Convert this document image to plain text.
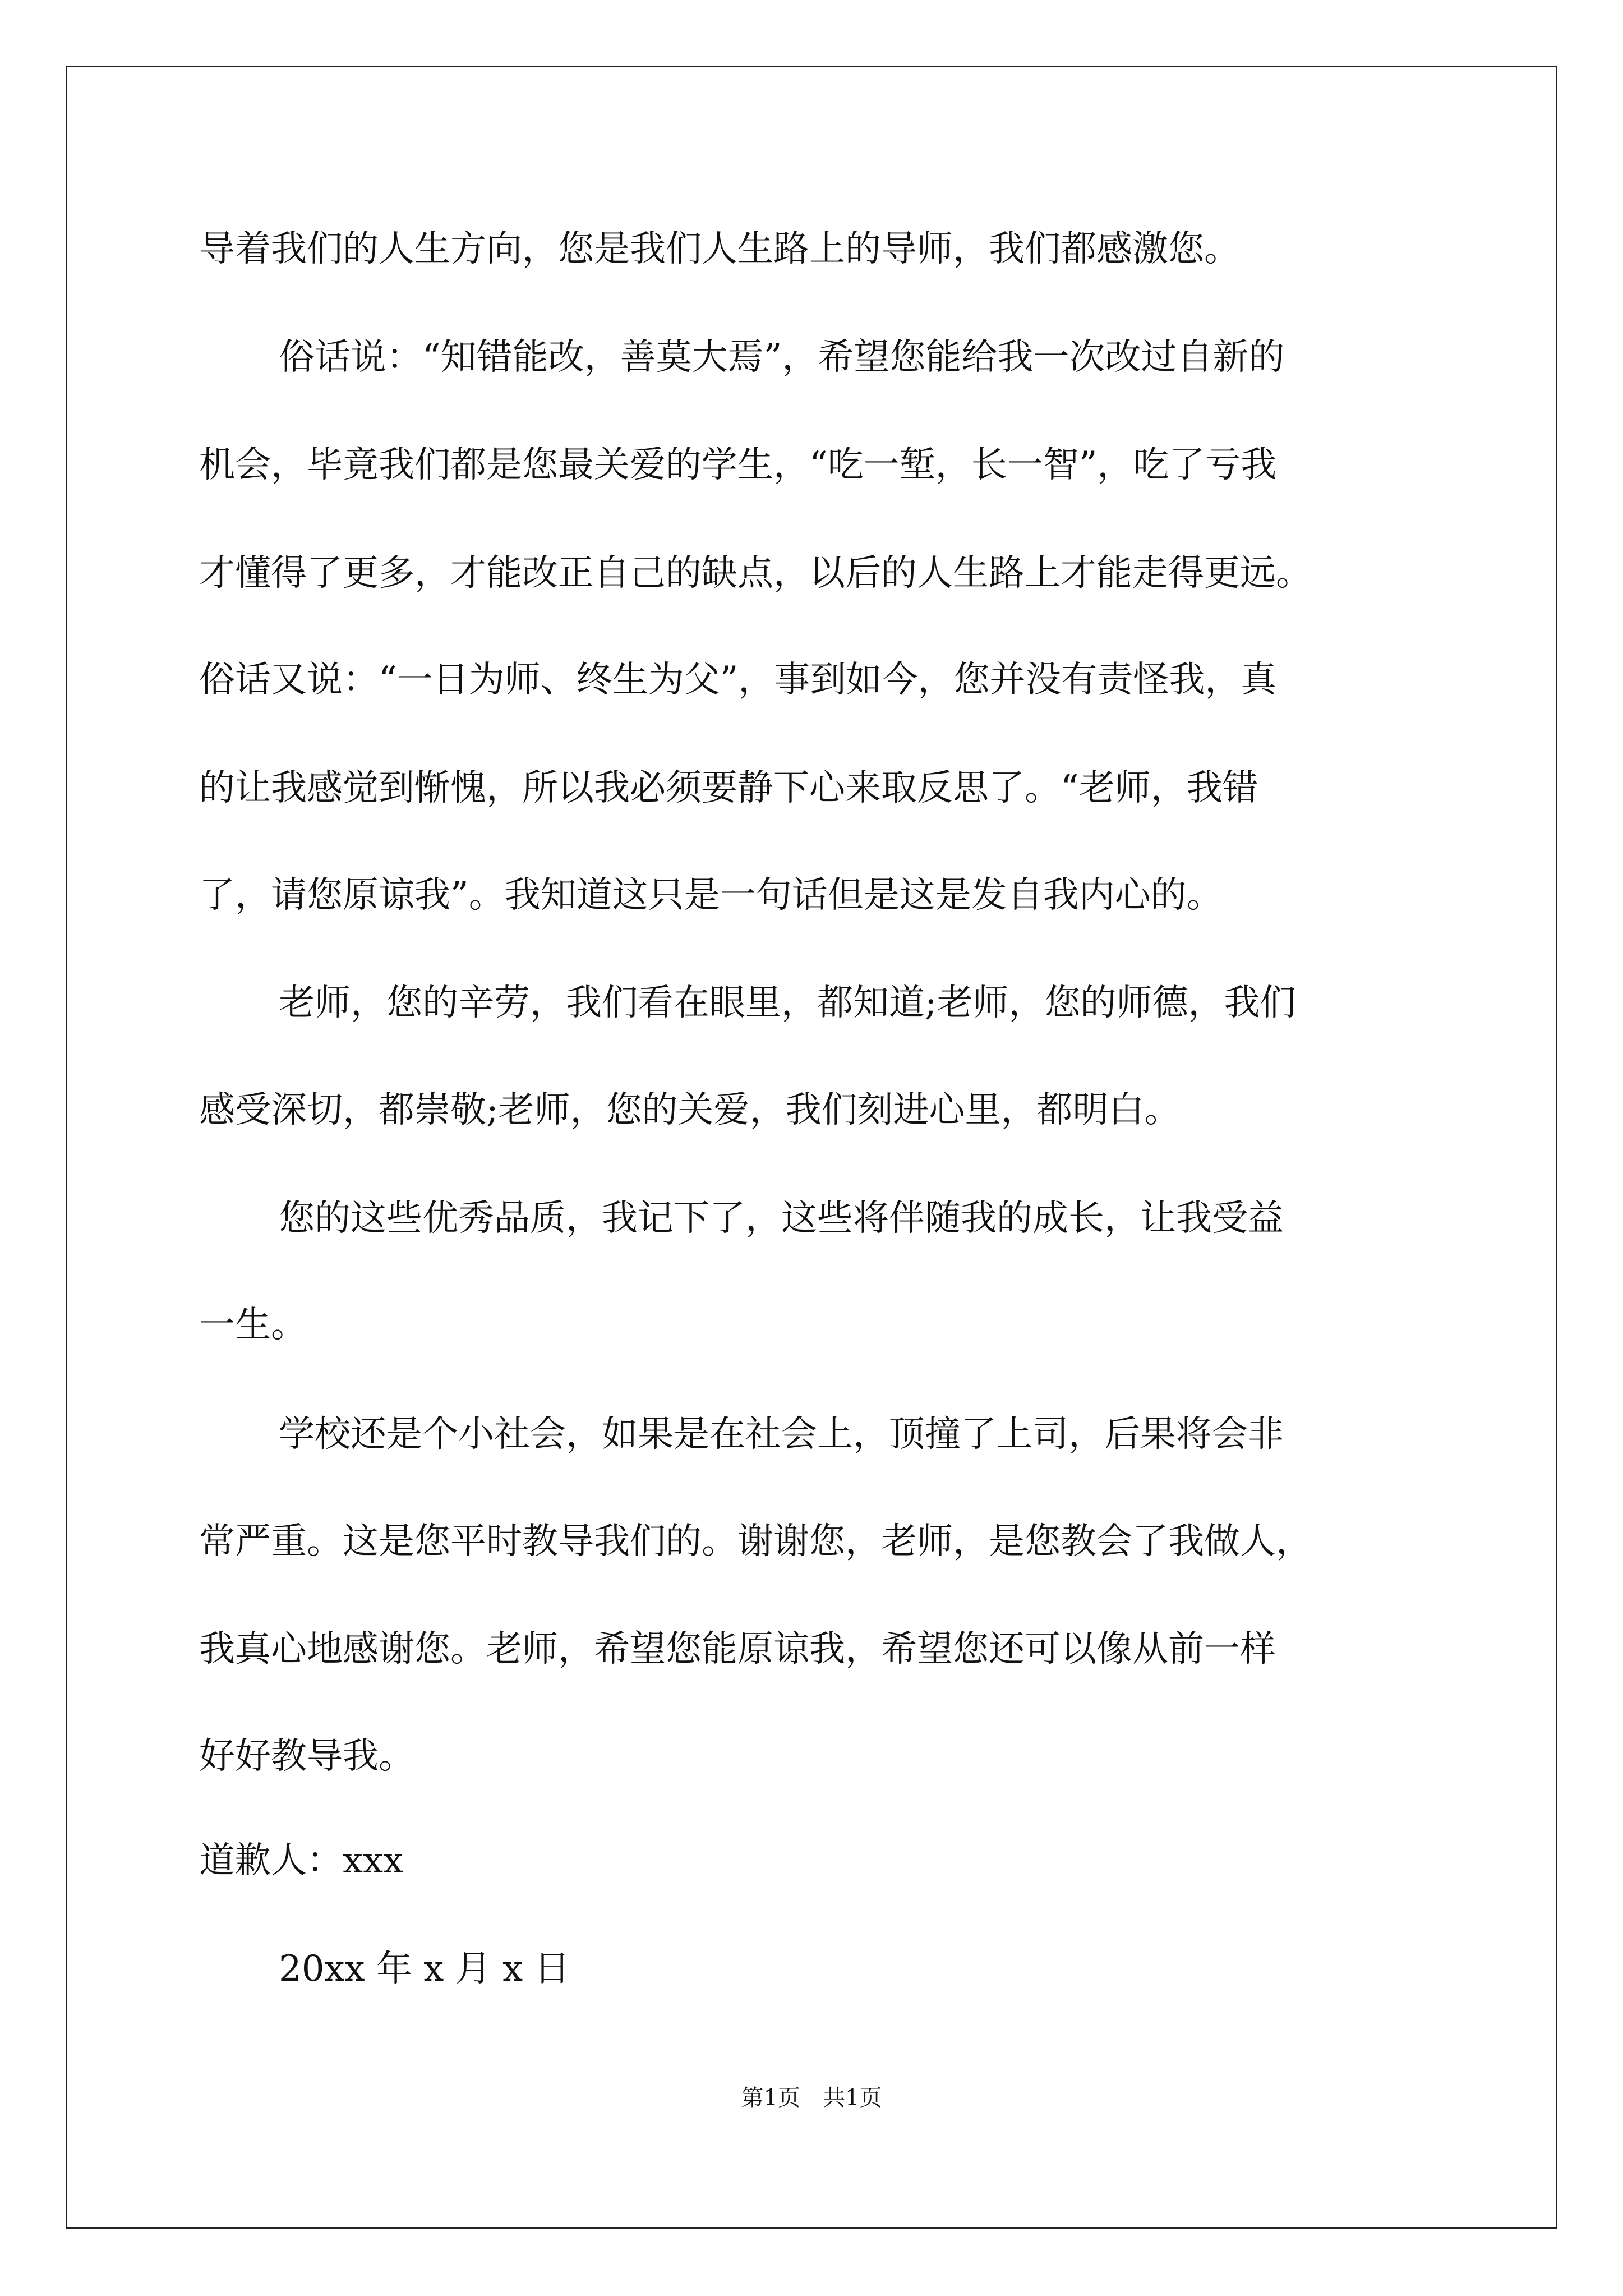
导着我们的人生方向，您是我们人生路上的导师，我们都感激您。
俗话说：“知错能改，善莫大焉”，希望您能给我一次改过自新的
机会，毕竟我们都是您最关爱的学生，“吃一堑，长一智”，吃了亏我
才懂得了更多，才能改正自己的缺点，以后的人生路上才能走得更远。
俗话又说：“一日为师、终生为父”，事到如今，您并没有责怪我，真
的让我感觉到惭愧，所以我必须要静下心来取反思了。“老师，我错
了，请您原谅我”。我知道这只是一句话但是这是发自我内心的。
老师，您的辛劳，我们看在眼里，都知道;老师，您的师德，我们
感受深切，都崇敬;老师，您的关爱，我们刻进心里，都明白。
您的这些优秀品质，我记下了，这些将伴随我的成长，让我受益
一生。
学校还是个小社会，如果是在社会上，顶撞了上司，后果将会非
常严重。这是您平时教导我们的。谢谢您，老师，是您教会了我做人，
我真心地感谢您。老师，希望您能原谅我，希望您还可以像从前一样
好好教导我。
道歉人：xxx
20xx 年 x 月 x 日
第1页　共1页
